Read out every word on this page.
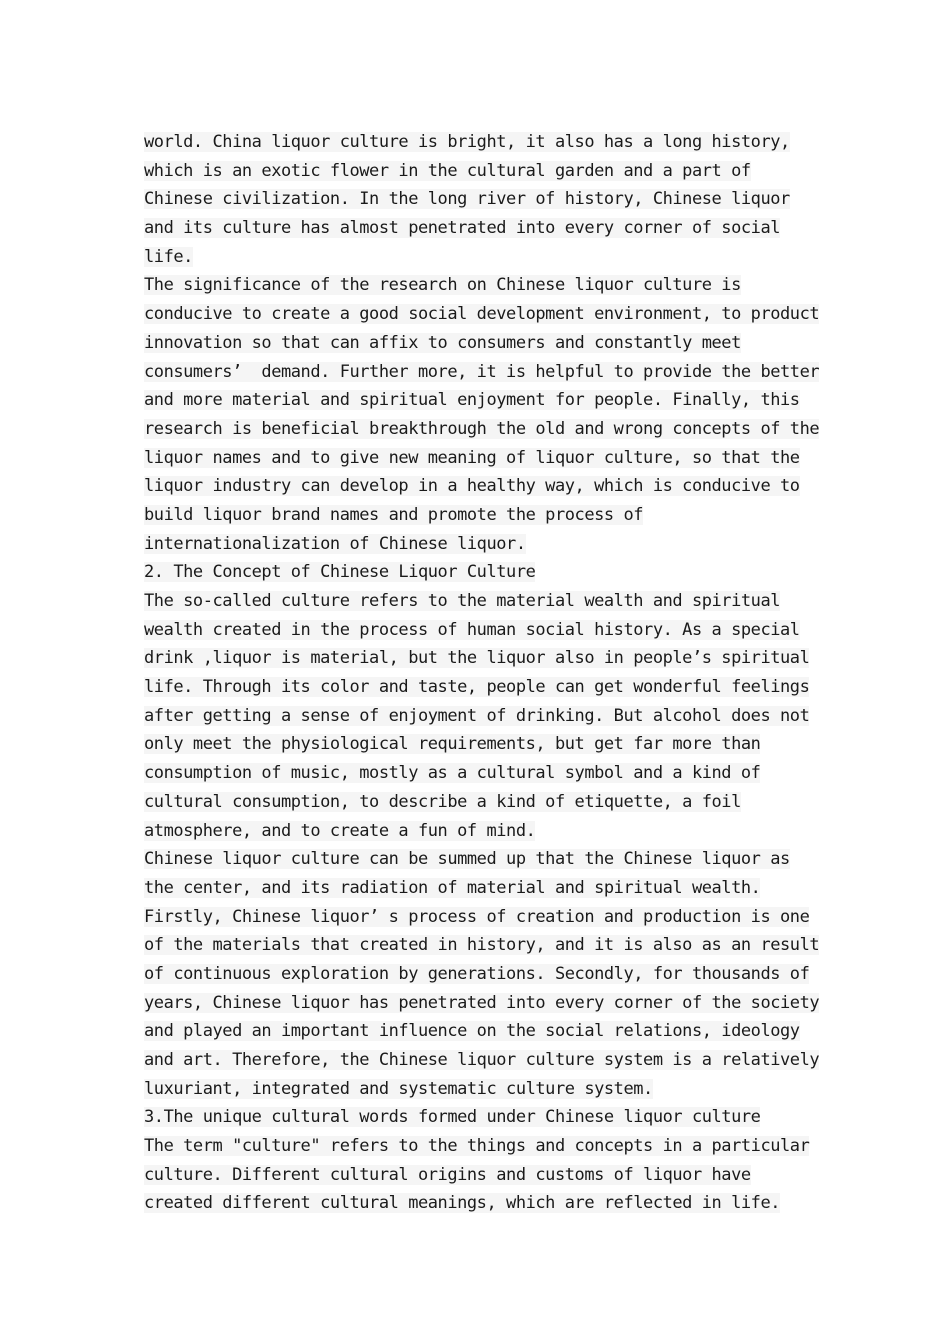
world. China liquor culture is bright, it also has a long history,
which is an exotic flower in the cultural garden and a part of
Chinese civilization. In the long river of history, Chinese liquor
and its culture has almost penetrated into every corner of social
life.
The significance of the research on Chinese liquor culture is
conducive to create a good social development environment, to product
innovation so that can affix to consumers and constantly meet
consumers’  demand. Further more, it is helpful to provide the better
and more material and spiritual enjoyment for people. Finally, this
research is beneficial breakthrough the old and wrong concepts of the
liquor names and to give new meaning of liquor culture, so that the
liquor industry can develop in a healthy way, which is conducive to
build liquor brand names and promote the process of
internationalization of Chinese liquor.
2. The Concept of Chinese Liquor Culture
The so-called culture refers to the material wealth and spiritual
wealth created in the process of human social history. As a special
drink ,liquor is material, but the liquor also in people’s spiritual
life. Through its color and taste, people can get wonderful feelings
after getting a sense of enjoyment of drinking. But alcohol does not
only meet the physiological requirements, but get far more than
consumption of music, mostly as a cultural symbol and a kind of
cultural consumption, to describe a kind of etiquette, a foil
atmosphere, and to create a fun of mind.
Chinese liquor culture can be summed up that the Chinese liquor as
the center, and its radiation of material and spiritual wealth.
Firstly, Chinese liquor’ s process of creation and production is one
of the materials that created in history, and it is also as an result
of continuous exploration by generations. Secondly, for thousands of
years, Chinese liquor has penetrated into every corner of the society
and played an important influence on the social relations, ideology
and art. Therefore, the Chinese liquor culture system is a relatively
luxuriant, integrated and systematic culture system.
3.The unique cultural words formed under Chinese liquor culture
The term "culture" refers to the things and concepts in a particular
culture. Different cultural origins and customs of liquor have
created different cultural meanings, which are reflected in life.
